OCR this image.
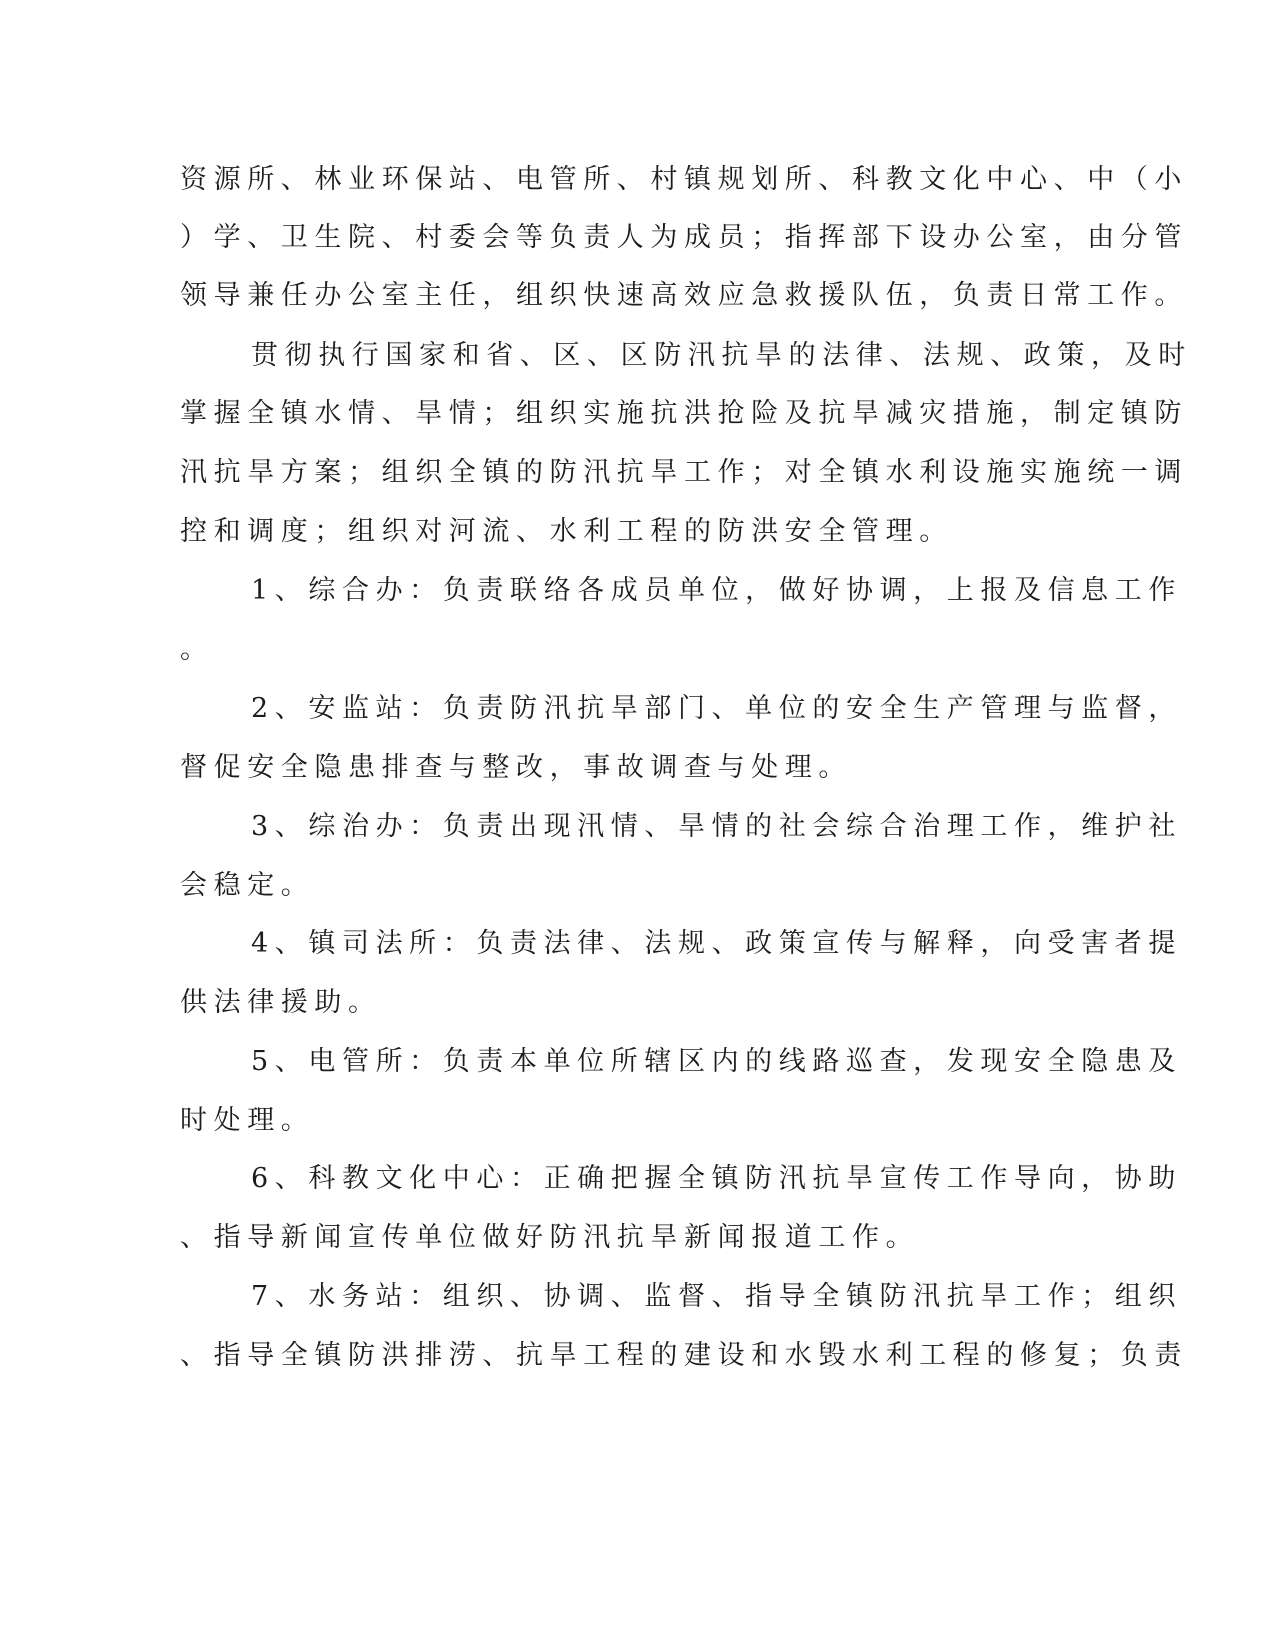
资源所、林业环保站、电管所、村镇规划所、科教文化中心、中（小
）学、卫生院、村委会等负责人为成员；指挥部下设办公室，由分管
领导兼任办公室主任，组织快速高效应急救援队伍，负责日常工作。
贯彻执行国家和省、区、区防汛抗旱的法律、法规、政策，及时
掌握全镇水情、旱情；组织实施抗洪抢险及抗旱减灾措施，制定镇防
汛抗旱方案；组织全镇的防汛抗旱工作；对全镇水利设施实施统一调
控和调度；组织对河流、水利工程的防洪安全管理。
1、综合办：负责联络各成员单位，做好协调，上报及信息工作
。
2、安监站：负责防汛抗旱部门、单位的安全生产管理与监督，
督促安全隐患排查与整改，事故调查与处理。
3、综治办：负责出现汛情、旱情的社会综合治理工作，维护社
会稳定。
4、镇司法所：负责法律、法规、政策宣传与解释，向受害者提
供法律援助。
5、电管所：负责本单位所辖区内的线路巡查，发现安全隐患及
时处理。
6、科教文化中心：正确把握全镇防汛抗旱宣传工作导向，协助
、指导新闻宣传单位做好防汛抗旱新闻报道工作。
7、水务站：组织、协调、监督、指导全镇防汛抗旱工作；组织
、指导全镇防洪排涝、抗旱工程的建设和水毁水利工程的修复；负责
